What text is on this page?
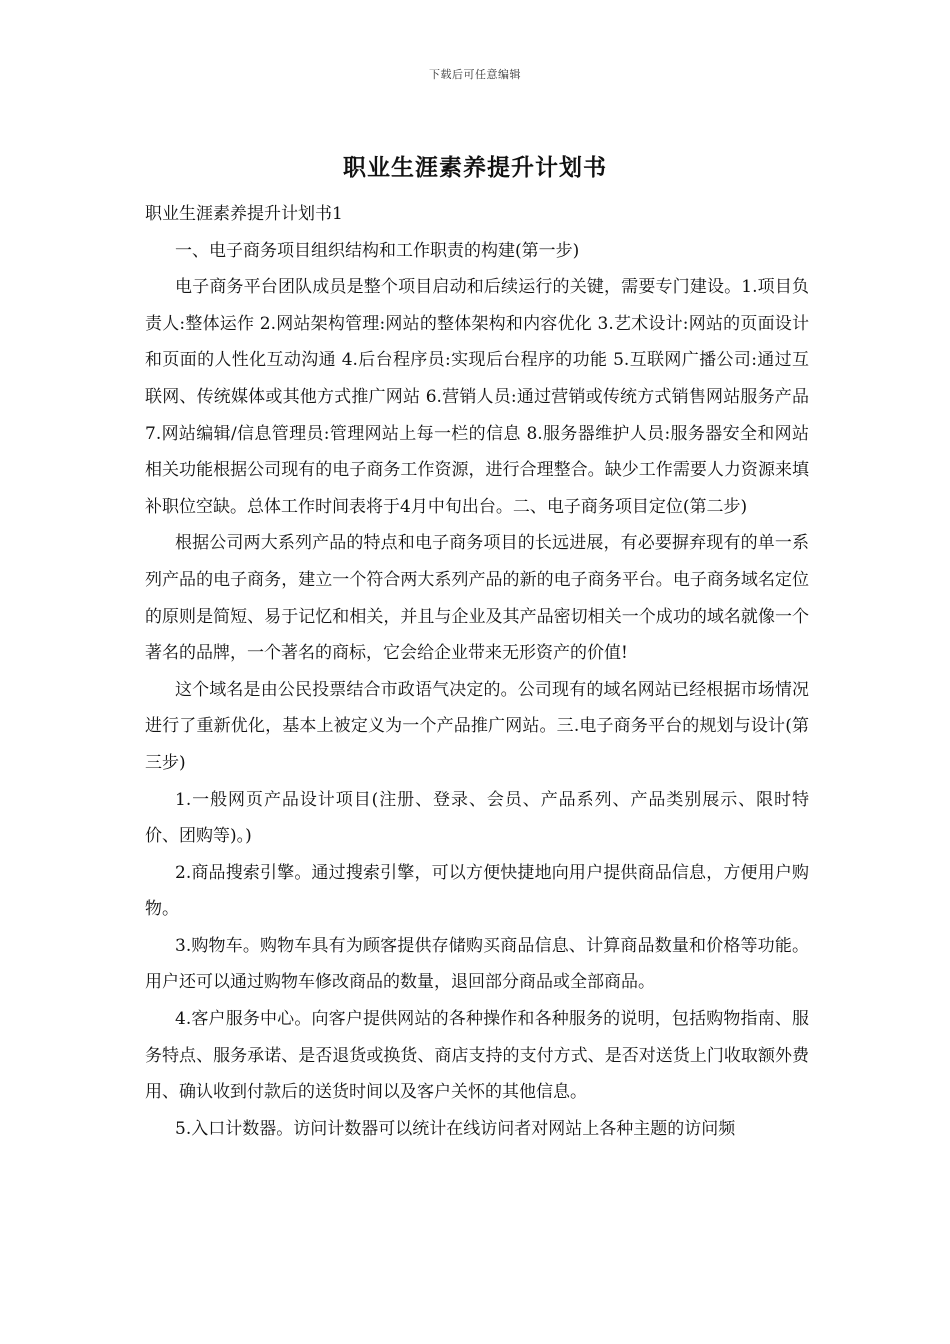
下载后可任意编辑
职业生涯素养提升计划书

职业生涯素养提升计划书1

一、电子商务项目组织结构和工作职责的构建(第一步)

电子商务平台团队成员是整个项目启动和后续运行的关键，需要专门建设。1.项目负责人:整体运作 2.网站架构管理:网站的整体架构和内容优化 3.艺术设计:网站的页面设计和页面的人性化互动沟通 4.后台程序员:实现后台程序的功能 5.互联网广播公司:通过互联网、传统媒体或其他方式推广网站 6.营销人员:通过营销或传统方式销售网站服务产品 7.网站编辑/信息管理员:管理网站上每一栏的信息 8.服务器维护人员:服务器安全和网站相关功能根据公司现有的电子商务工作资源，进行合理整合。缺少工作需要人力资源来填补职位空缺。总体工作时间表将于4月中旬出台。二、电子商务项目定位(第二步)

根据公司两大系列产品的特点和电子商务项目的长远进展，有必要摒弃现有的单一系列产品的电子商务，建立一个符合两大系列产品的新的电子商务平台。电子商务域名定位的原则是简短、易于记忆和相关，并且与企业及其产品密切相关一个成功的域名就像一个著名的品牌，一个著名的商标，它会给企业带来无形资产的价值!

这个域名是由公民投票结合市政语气决定的。公司现有的域名网站已经根据市场情况进行了重新优化，基本上被定义为一个产品推广网站。三.电子商务平台的规划与设计(第三步)

1.一般网页产品设计项目(注册、登录、会员、产品系列、产品类别展示、限时特价、团购等)。)

2.商品搜索引擎。通过搜索引擎，可以方便快捷地向用户提供商品信息，方便用户购物。

3.购物车。购物车具有为顾客提供存储购买商品信息、计算商品数量和价格等功能。用户还可以通过购物车修改商品的数量，退回部分商品或全部商品。

4.客户服务中心。向客户提供网站的各种操作和各种服务的说明，包括购物指南、服务特点、服务承诺、是否退货或换货、商店支持的支付方式、是否对送货上门收取额外费用、确认收到付款后的送货时间以及客户关怀的其他信息。

5.入口计数器。访问计数器可以统计在线访问者对网站上各种主题的访问频
